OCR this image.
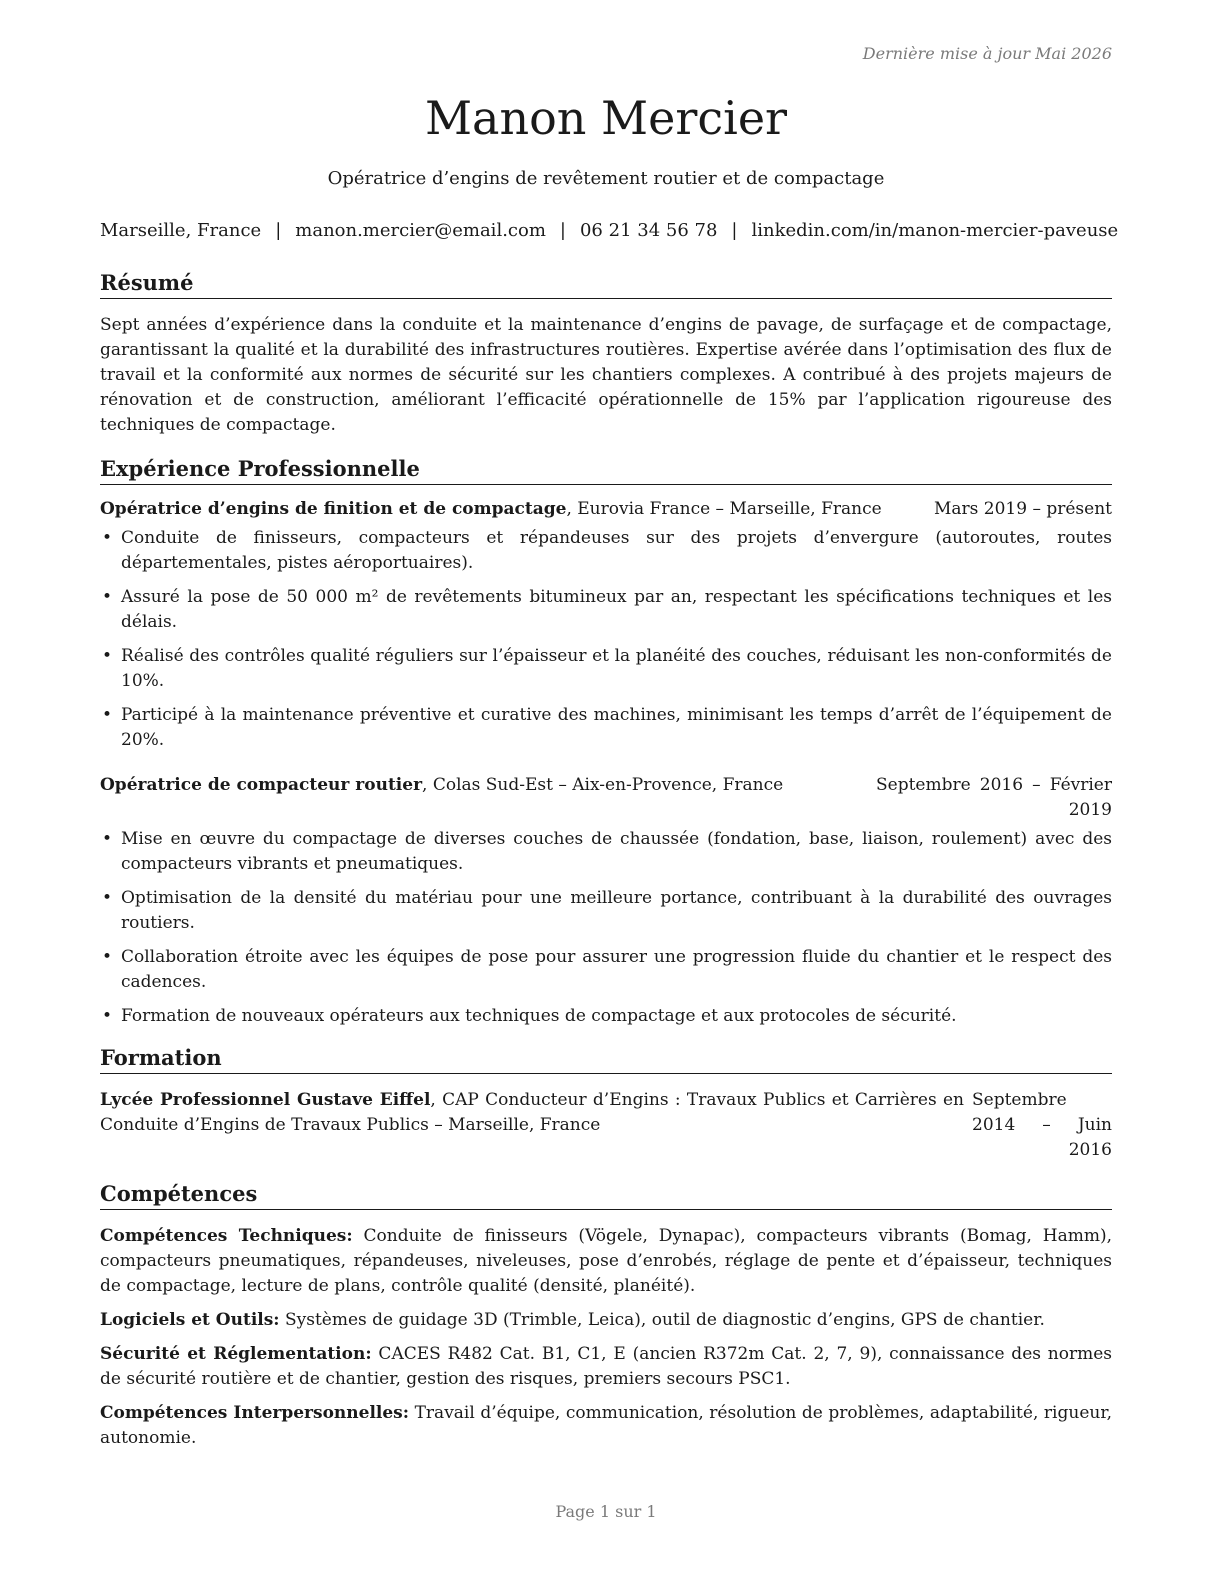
Dernière mise à jour Mai 2026
Manon Mercier
Opératrice d’engins de revêtement routier et de compactage
Marseille, France | manon.mercier@email.com | 06 21 34 56 78 | linkedin.com/in/manon-mercier-paveuse
Résumé

Sept années d’expérience dans la conduite et la maintenance d’engins de pavage, de surfaçage et de compactage, garantissant la qualité et la durabilité des infrastructures routières. Expertise avérée dans l’optimisation des flux de travail et la conformité aux normes de sécurité sur les chantiers complexes. A contribué à des projets majeurs de rénovation et de construction, améliorant l’efficacité opérationnelle de 15% par l’application rigoureuse des techniques de compactage.

Expérience Professionnelle
Opératrice d’engins de finition et de compactage, Eurovia France – Marseille, France	Mars 2019 – présent
• Conduite de finisseurs, compacteurs et répandeuses sur des projets d’envergure (autoroutes, routes départementales, pistes aéroportuaires).
• Assuré la pose de 50 000 m² de revêtements bitumineux par an, respectant les spécifications techniques et les délais.
• Réalisé des contrôles qualité réguliers sur l’épaisseur et la planéité des couches, réduisant les non-conformités de 10%.
• Participé à la maintenance préventive et curative des machines, minimisant les temps d’arrêt de l’équipement de 20%.
Opératrice de compacteur routier, Colas Sud-Est – Aix-en-Provence, France	Septembre 2016 – Février 2019
• Mise en œuvre du compactage de diverses couches de chaussée (fondation, base, liaison, roulement) avec des compacteurs vibrants et pneumatiques.
• Optimisation de la densité du matériau pour une meilleure portance, contribuant à la durabilité des ouvrages routiers.
• Collaboration étroite avec les équipes de pose pour assurer une progression fluide du chantier et le respect des cadences.
• Formation de nouveaux opérateurs aux techniques de compactage et aux protocoles de sécurité.
Formation
Lycée Professionnel Gustave Eiffel, CAP Conducteur d’Engins : Travaux Publics et Carrières en Conduite d’Engins de Travaux Publics – Marseille, France
Septembre 2014 – Juin 2016
Compétences

Compétences Techniques: Conduite de finisseurs (Vögele, Dynapac), compacteurs vibrants (Bomag, Hamm), compacteurs pneumatiques, répandeuses, niveleuses, pose d’enrobés, réglage de pente et d’épaisseur, techniques de compactage, lecture de plans, contrôle qualité (densité, planéité).

Logiciels et Outils: Systèmes de guidage 3D (Trimble, Leica), outil de diagnostic d’engins, GPS de chantier.

Sécurité et Réglementation: CACES R482 Cat. B1, C1, E (ancien R372m Cat. 2, 7, 9), connaissance des normes de sécurité routière et de chantier, gestion des risques, premiers secours PSC1.

Compétences Interpersonnelles: Travail d’équipe, communication, résolution de problèmes, adaptabilité, rigueur, autonomie.

Page 1 sur 1
